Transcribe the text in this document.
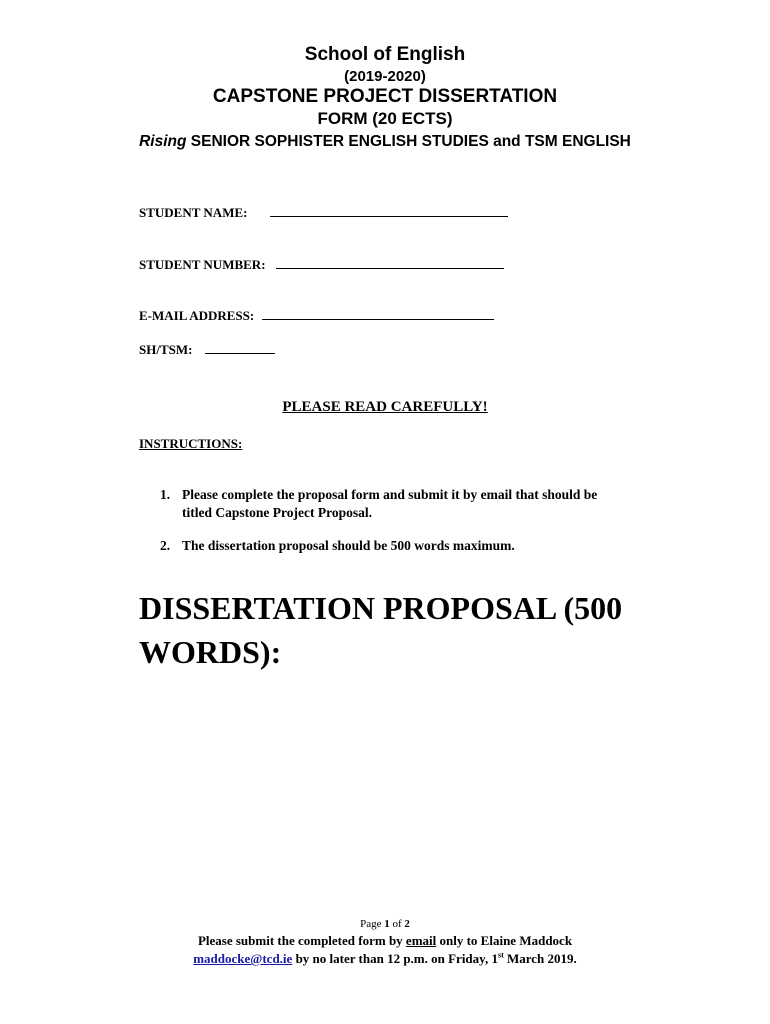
School of English
(2019-2020)
CAPSTONE PROJECT DISSERTATION
FORM (20 ECTS)
Rising SENIOR SOPHISTER ENGLISH STUDIES and TSM ENGLISH
STUDENT NAME:
STUDENT NUMBER:
E-MAIL ADDRESS:
SH/TSM:
PLEASE READ CAREFULLY!
INSTRUCTIONS:
1. Please complete the proposal form and submit it by email that should be titled Capstone Project Proposal.
2. The dissertation proposal should be 500 words maximum.
DISSERTATION PROPOSAL (500 WORDS):
Page 1 of 2
Please submit the completed form by email only to Elaine Maddock
maddocke@tcd.ie by no later than 12 p.m. on Friday, 1st March 2019.
